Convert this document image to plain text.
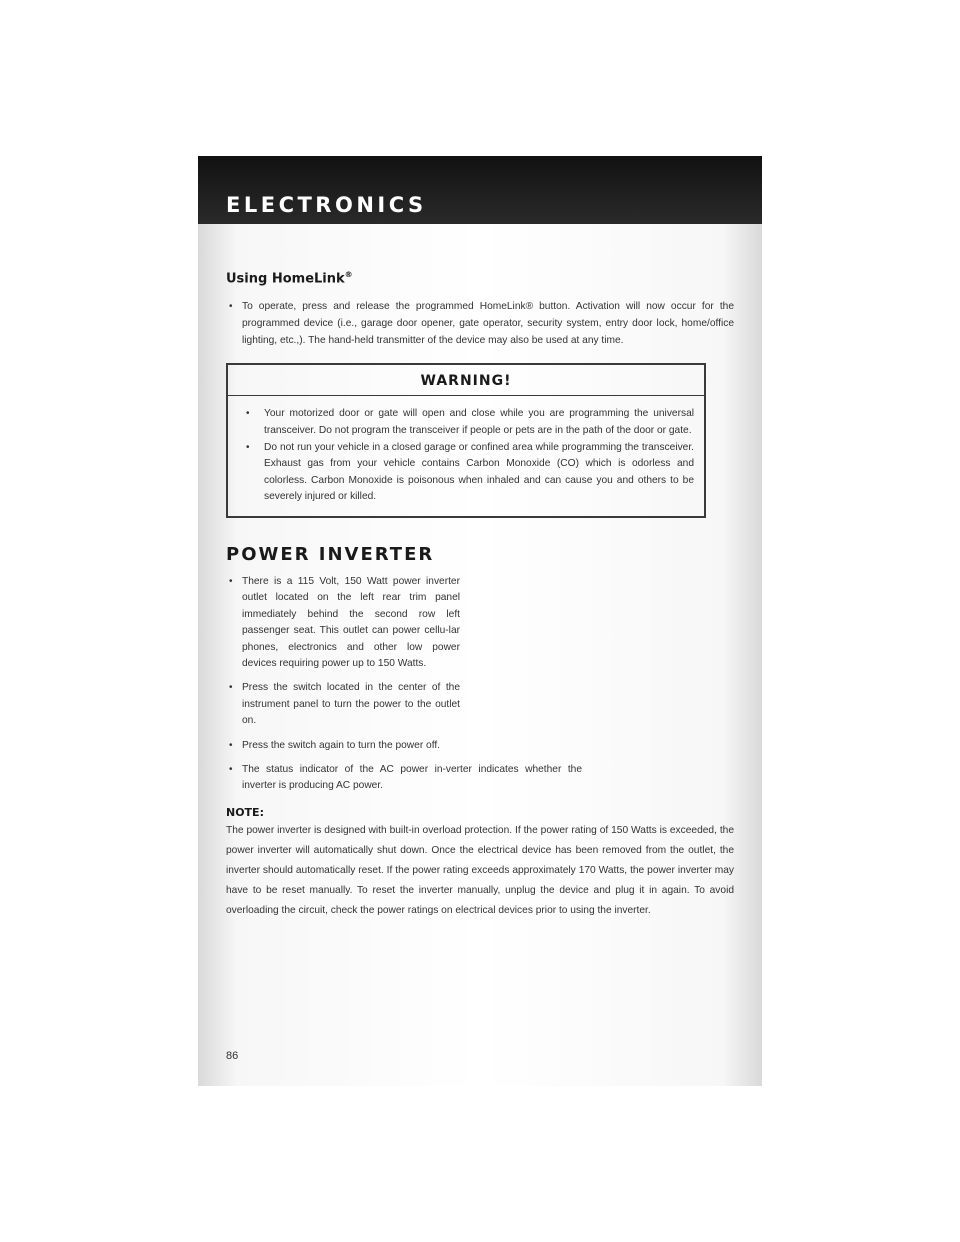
ELECTRONICS
Using HomeLink®
• To operate, press and release the programmed HomeLink® button. Activation will now occur for the programmed device (i.e., garage door opener, gate operator, security system, entry door lock, home/office lighting, etc.,). The hand-held transmitter of the device may also be used at any time.
WARNING!
• Your motorized door or gate will open and close while you are programming the universal transceiver. Do not program the transceiver if people or pets are in the path of the door or gate.
• Do not run your vehicle in a closed garage or confined area while programming the transceiver. Exhaust gas from your vehicle contains Carbon Monoxide (CO) which is odorless and colorless. Carbon Monoxide is poisonous when inhaled and can cause you and others to be severely injured or killed.
POWER INVERTER
• There is a 115 Volt, 150 Watt power inverter outlet located on the left rear trim panel immediately behind the second row left passenger seat. This outlet can power cellu-lar phones, electronics and other low power devices requiring power up to 150 Watts.
• Press the switch located in the center of the instrument panel to turn the power to the outlet on.
• Press the switch again to turn the power off.
• The status indicator of the AC power in-verter indicates whether the inverter is producing AC power.
NOTE:
The power inverter is designed with built-in overload protection. If the power rating of 150 Watts is exceeded, the power inverter will automatically shut down. Once the electrical device has been removed from the outlet, the inverter should automatically reset. If the power rating exceeds approximately 170 Watts, the power inverter may have to be reset manually. To reset the inverter manually, unplug the device and plug it in again. To avoid overloading the circuit, check the power ratings on electrical devices prior to using the inverter.
86
